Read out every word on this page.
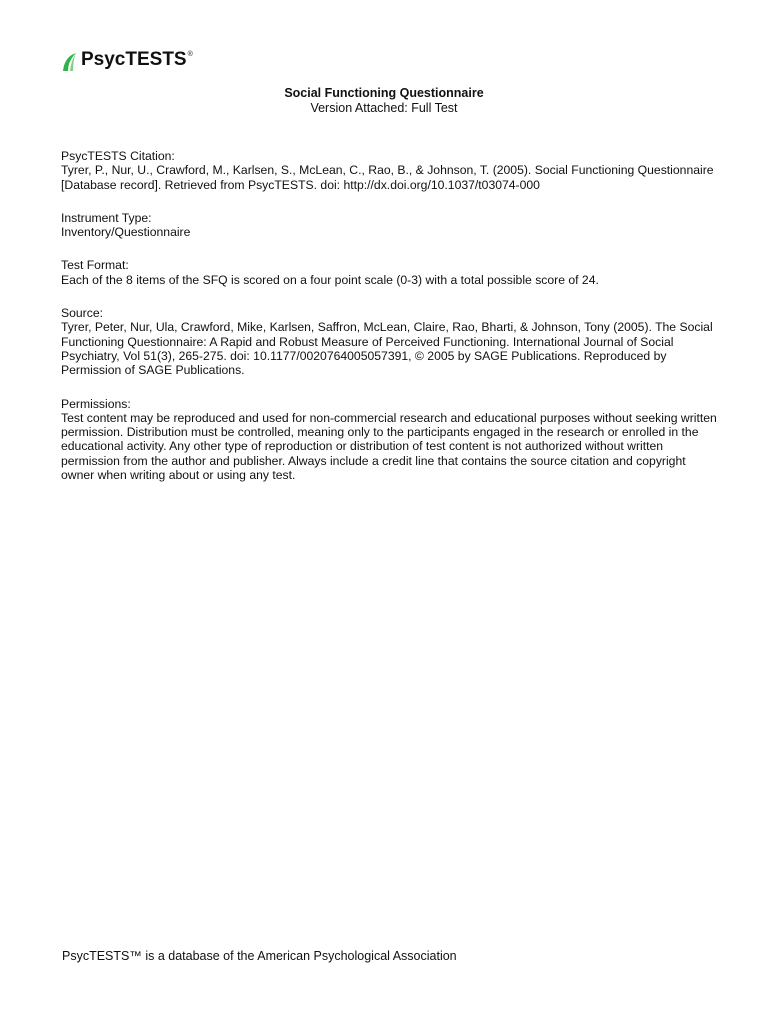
PsycTESTS ®
Social Functioning Questionnaire
Version Attached: Full Test
PsycTESTS Citation:
Tyrer, P., Nur, U., Crawford, M., Karlsen, S., McLean, C., Rao, B., & Johnson, T. (2005). Social Functioning Questionnaire [Database record]. Retrieved from PsycTESTS. doi: http://dx.doi.org/10.1037/t03074-000
Instrument Type:
Inventory/Questionnaire
Test Format:
Each of the 8 items of the SFQ is scored on a four point scale (0-3) with a total possible score of 24.
Source:
Tyrer, Peter, Nur, Ula, Crawford, Mike, Karlsen, Saffron, McLean, Claire, Rao, Bharti, & Johnson, Tony (2005). The Social Functioning Questionnaire: A Rapid and Robust Measure of Perceived Functioning. International Journal of Social Psychiatry, Vol 51(3), 265-275. doi: 10.1177/0020764005057391, © 2005 by SAGE Publications. Reproduced by Permission of SAGE Publications.
Permissions:
Test content may be reproduced and used for non-commercial research and educational purposes without seeking written permission. Distribution must be controlled, meaning only to the participants engaged in the research or enrolled in the educational activity. Any other type of reproduction or distribution of test content is not authorized without written permission from the author and publisher. Always include a credit line that contains the source citation and copyright owner when writing about or using any test.
PsycTESTS™ is a database of the American Psychological Association
